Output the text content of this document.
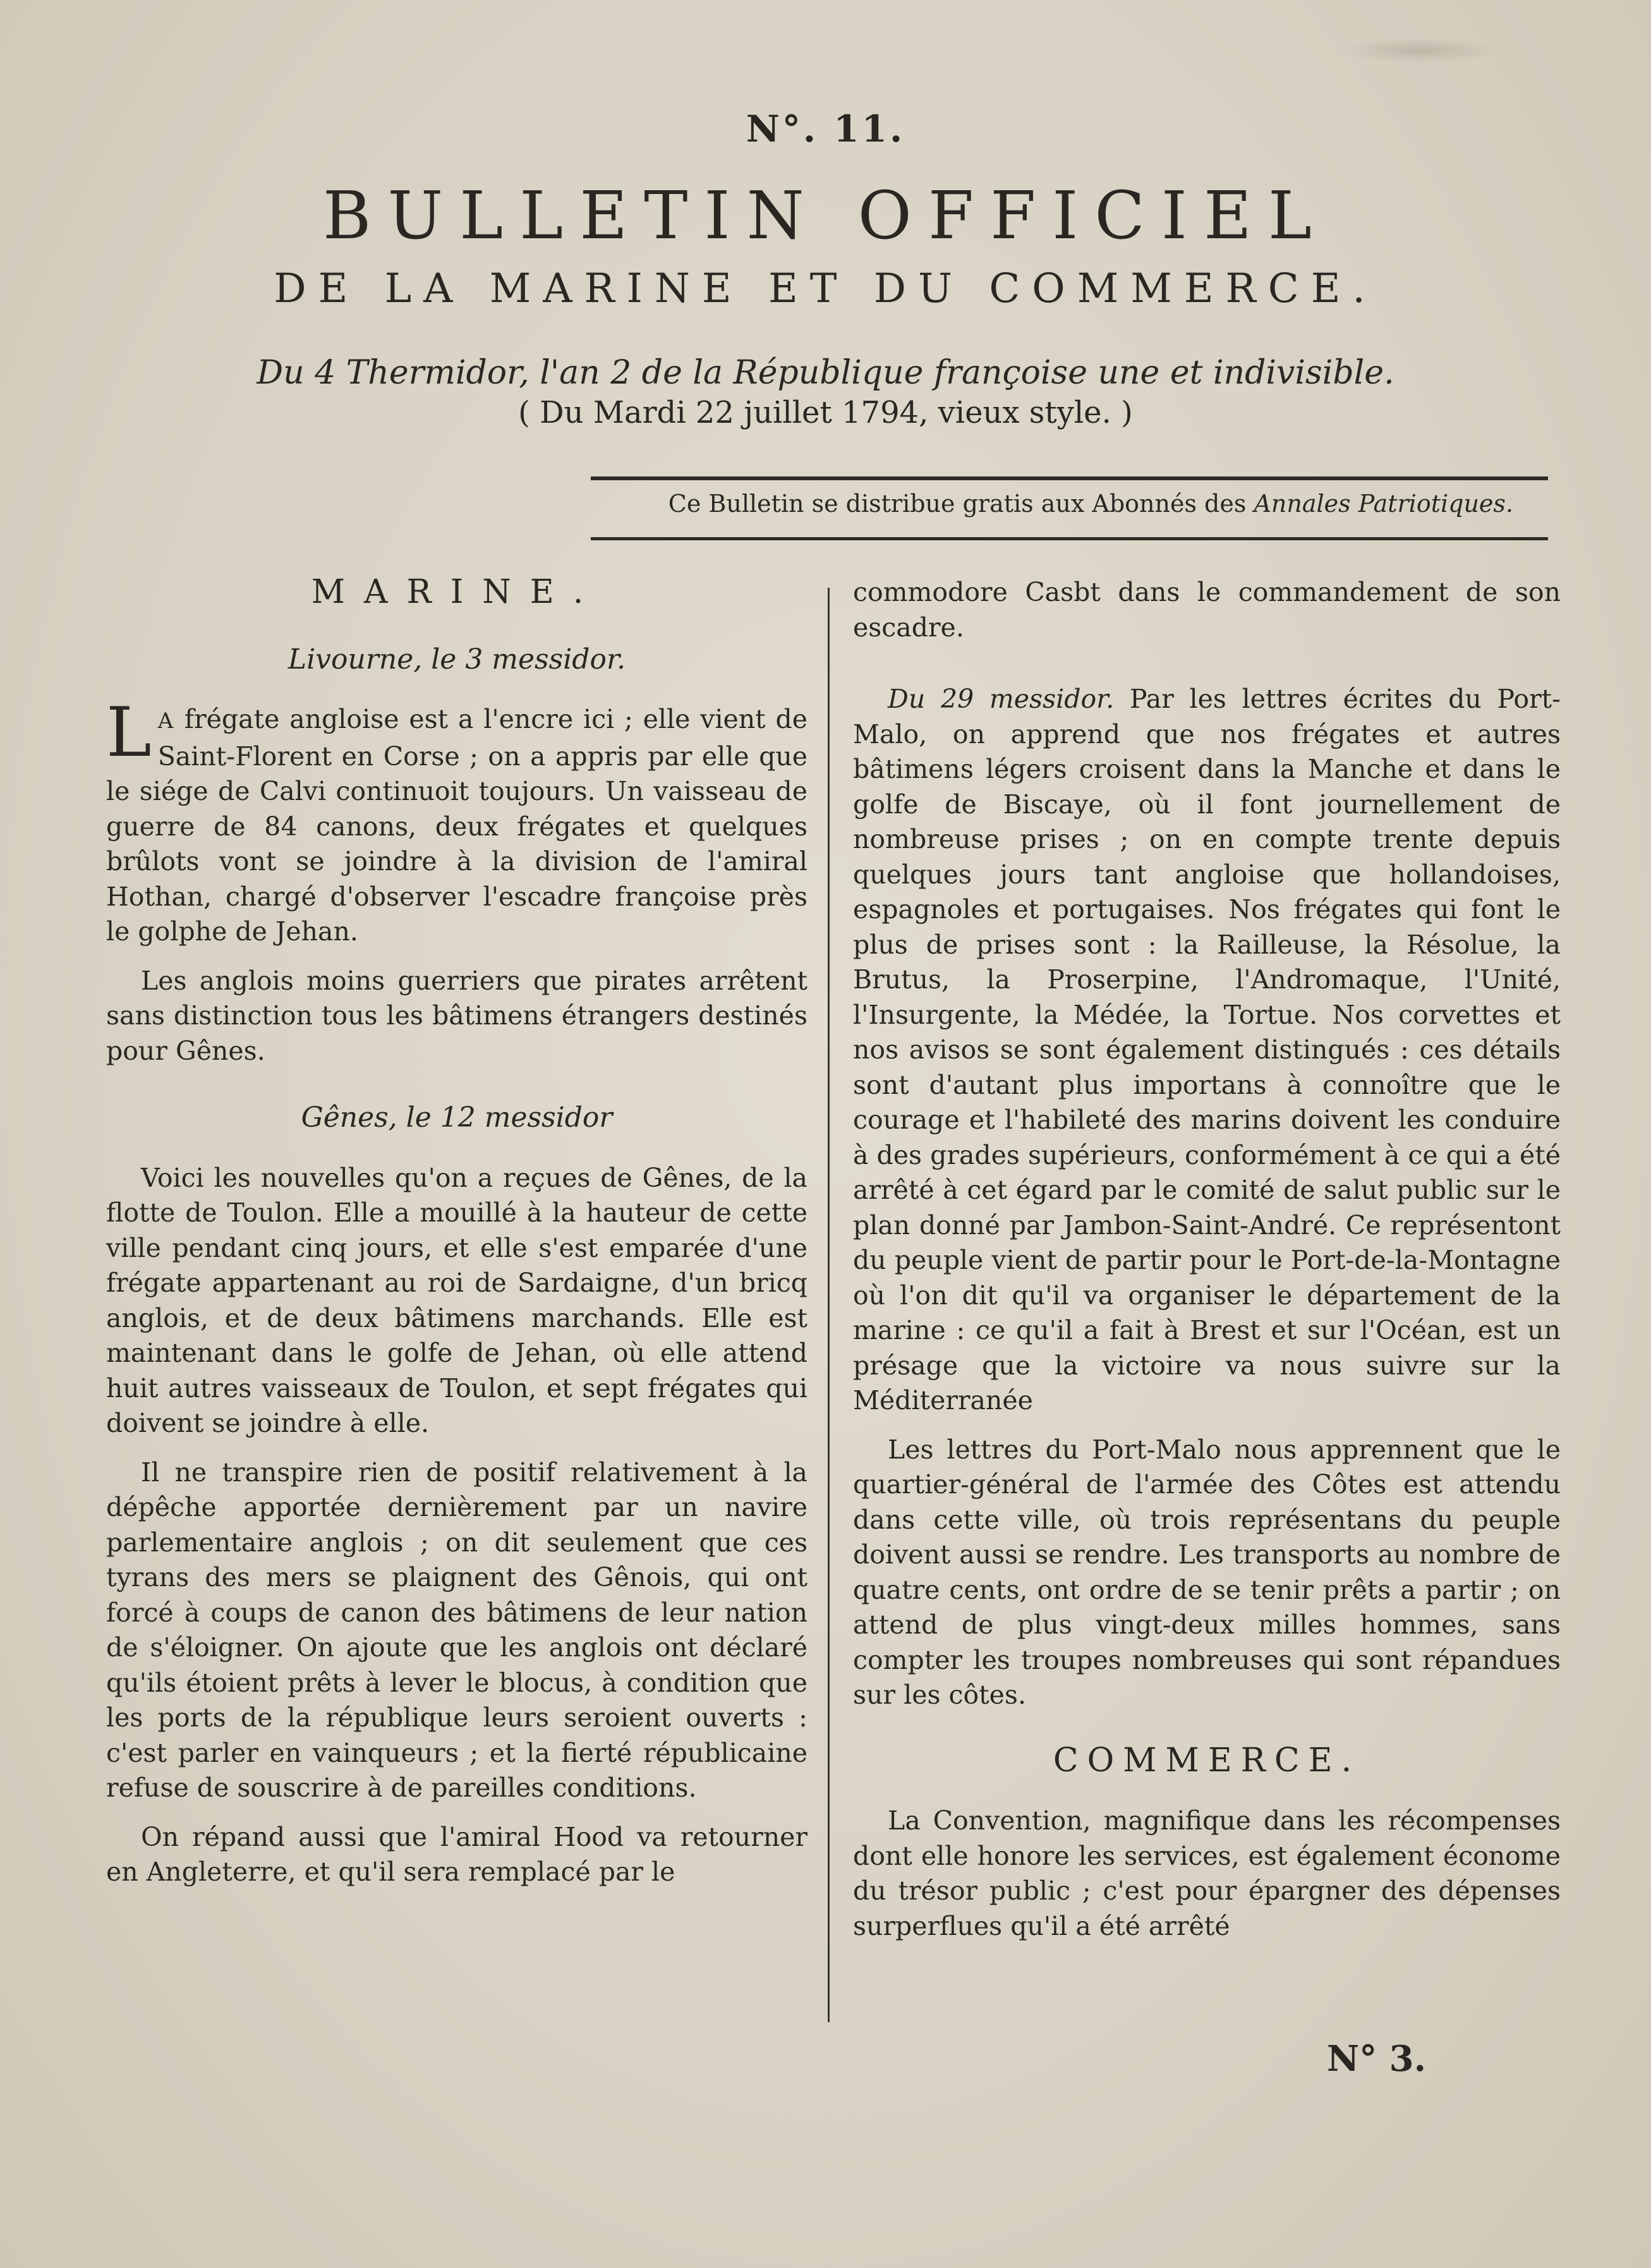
N°. 11.
BULLETIN OFFICIEL
DE LA MARINE ET DU COMMERCE.
Du 4 Thermidor, l'an 2 de la République françoise une et indivisible.
( Du Mardi 22 juillet 1794, vieux style. )
Ce Bulletin se distribue gratis aux Abonnés des Annales Patriotiques.
MARINE.
Livourne, le 3 messidor.

L A frégate angloise est a l'encre ici ; elle vient de Saint-Florent en Corse ; on a appris par elle que le siége de Calvi continuoit toujours. Un vaisseau de guerre de 84 canons, deux frégates et quelques brûlots vont se joindre à la division de l'amiral Hothan, chargé d'observer l'escadre françoise près le golphe de Jehan.

Les anglois moins guerriers que pirates arrêtent sans distinction tous les bâtimens étrangers destinés pour Gênes.

Gênes, le 12 messidor

Voici les nouvelles qu'on a reçues de Gênes, de la flotte de Toulon. Elle a mouillé à la hauteur de cette ville pendant cinq jours, et elle s'est emparée d'une frégate appartenant au roi de Sardaigne, d'un bricq anglois, et de deux bâtimens marchands. Elle est maintenant dans le golfe de Jehan, où elle attend huit autres vaisseaux de Toulon, et sept frégates qui doivent se joindre à elle.

Il ne transpire rien de positif relativement à la dépêche apportée dernièrement par un navire parlementaire anglois ; on dit seulement que ces tyrans des mers se plaignent des Gênois, qui ont forcé à coups de canon des bâtimens de leur nation de s'éloigner. On ajoute que les anglois ont déclaré qu'ils étoient prêts à lever le blocus, à condition que les ports de la république leurs seroient ouverts : c'est parler en vainqueurs ; et la fierté républicaine refuse de souscrire à de pareilles conditions.

On répand aussi que l'amiral Hood va retourner en Angleterre, et qu'il sera remplacé par le

commodore Casbt dans le commandement de son escadre.

Du 29 messidor. Par les lettres écrites du Port-Malo, on apprend que nos frégates et autres bâtimens légers croisent dans la Manche et dans le golfe de Biscaye, où il font journellement de nombreuse prises ; on en compte trente depuis quelques jours tant angloise que hollandoises, espagnoles et portugaises. Nos frégates qui font le plus de prises sont : la Railleuse, la Résolue, la Brutus, la Proserpine, l'Andromaque, l'Unité, l'Insurgente, la Médée, la Tortue. Nos corvettes et nos avisos se sont également distingués : ces détails sont d'autant plus importans à connoître que le courage et l'habileté des marins doivent les conduire à des grades supérieurs, conformément à ce qui a été arrêté à cet égard par le comité de salut public sur le plan donné par Jambon-Saint-André. Ce représentont du peuple vient de partir pour le Port-de-la-Montagne où l'on dit qu'il va organiser le département de la marine : ce qu'il a fait à Brest et sur l'Océan, est un présage que la victoire va nous suivre sur la Méditerranée

Les lettres du Port-Malo nous apprennent que le quartier-général de l'armée des Côtes est attendu dans cette ville, où trois représentans du peuple doivent aussi se rendre. Les transports au nombre de quatre cents, ont ordre de se tenir prêts a partir ; on attend de plus vingt-deux milles hommes, sans compter les troupes nombreuses qui sont répandues sur les côtes.

COMMERCE.

La Convention, magnifique dans les récompenses dont elle honore les services, est également économe du trésor public ; c'est pour épargner des dépenses surperflues qu'il a été arrêté

N° 3.
